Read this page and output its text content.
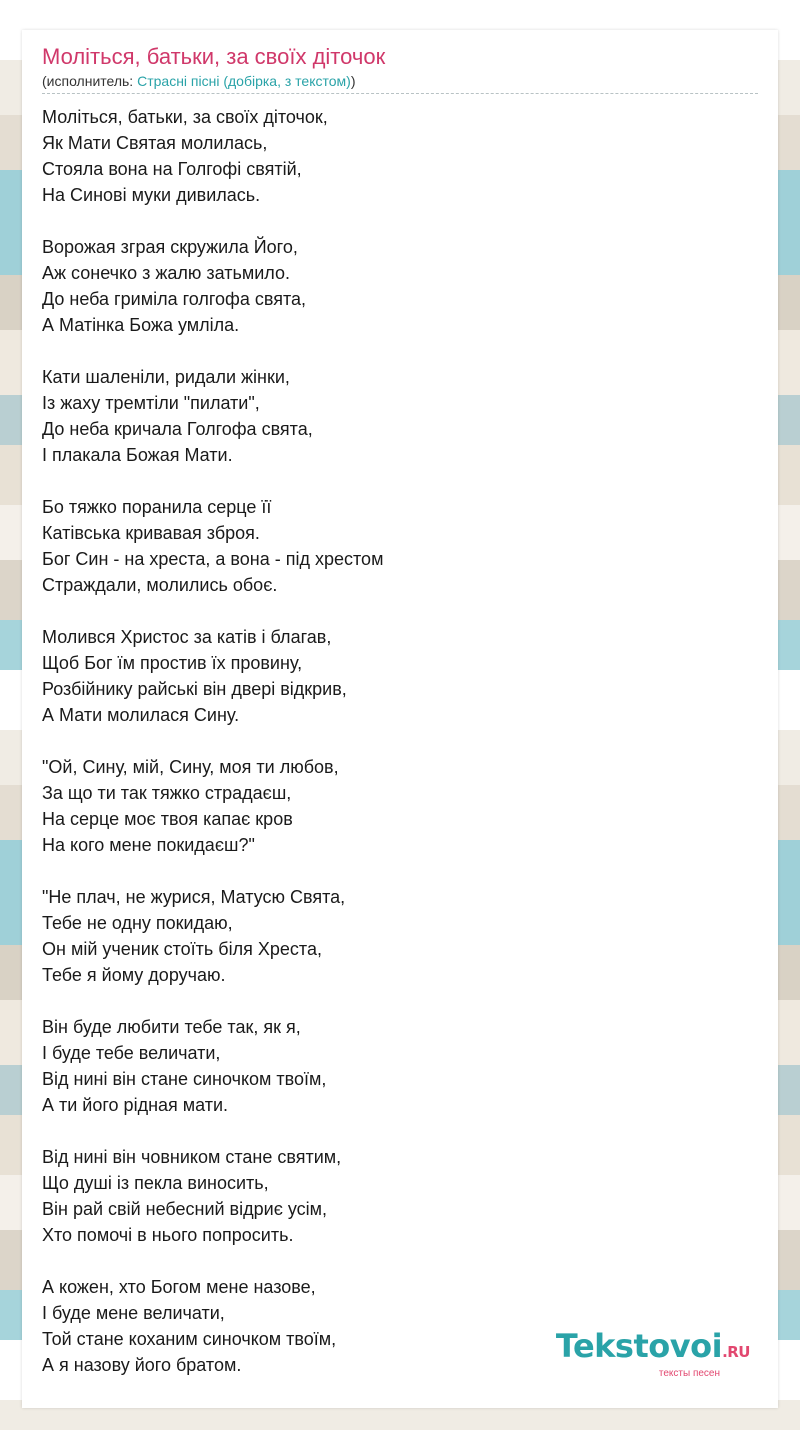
Моліться, батьки, за своїх діточок
(исполнитель: Страсні пісні (добірка, з текстом))

Моліться, батьки, за своїх діточок,
Як Мати Святая молилась,
Стояла вона на Голгофі святій,
На Синові муки дивилась.

Ворожая зграя скружила Його,
Аж сонечко з жалю затьмило.
До неба гриміла голгофа свята,
А Матінка Божа умліла.

Кати шаленіли, ридали жінки,
Із жаху тремтіли "пилати",
До неба кричала Голгофа свята,
І плакала Божая Мати.

Бо тяжко поранила серце її
Катівська кривавая зброя.
Бог Син - на хреста, а вона - під хрестом
Страждали, молились обоє.

Молився Христос за катів і благав,
Щоб Бог їм простив їх провину,
Розбійнику райські він двері відкрив,
А Мати молилася Сину.

"Ой, Сину, мій, Сину, моя ти любов,
За що ти так тяжко страдаєш,
На серце моє твоя капає кров
На кого мене покидаєш?"

"Не плач, не журися, Матусю Свята,
Тебе не одну покидаю,
Он мій ученик стоїть біля Хреста,
Тебе я йому доручаю.

Він буде любити тебе так, як я,
І буде тебе величати,
Від нині він стане синочком твоїм,
А ти його рідная мати.

Від нині він човником стане святим,
Що душі із пекла виносить,
Він рай свій небесний відриє усім,
Хто помочі в нього попросить.

А кожен, хто Богом мене назове,
І буде мене величати,
Той стане коханим синочком твоїм,
А я назову його братом.	Tekstovoi.RU
тексты песен
